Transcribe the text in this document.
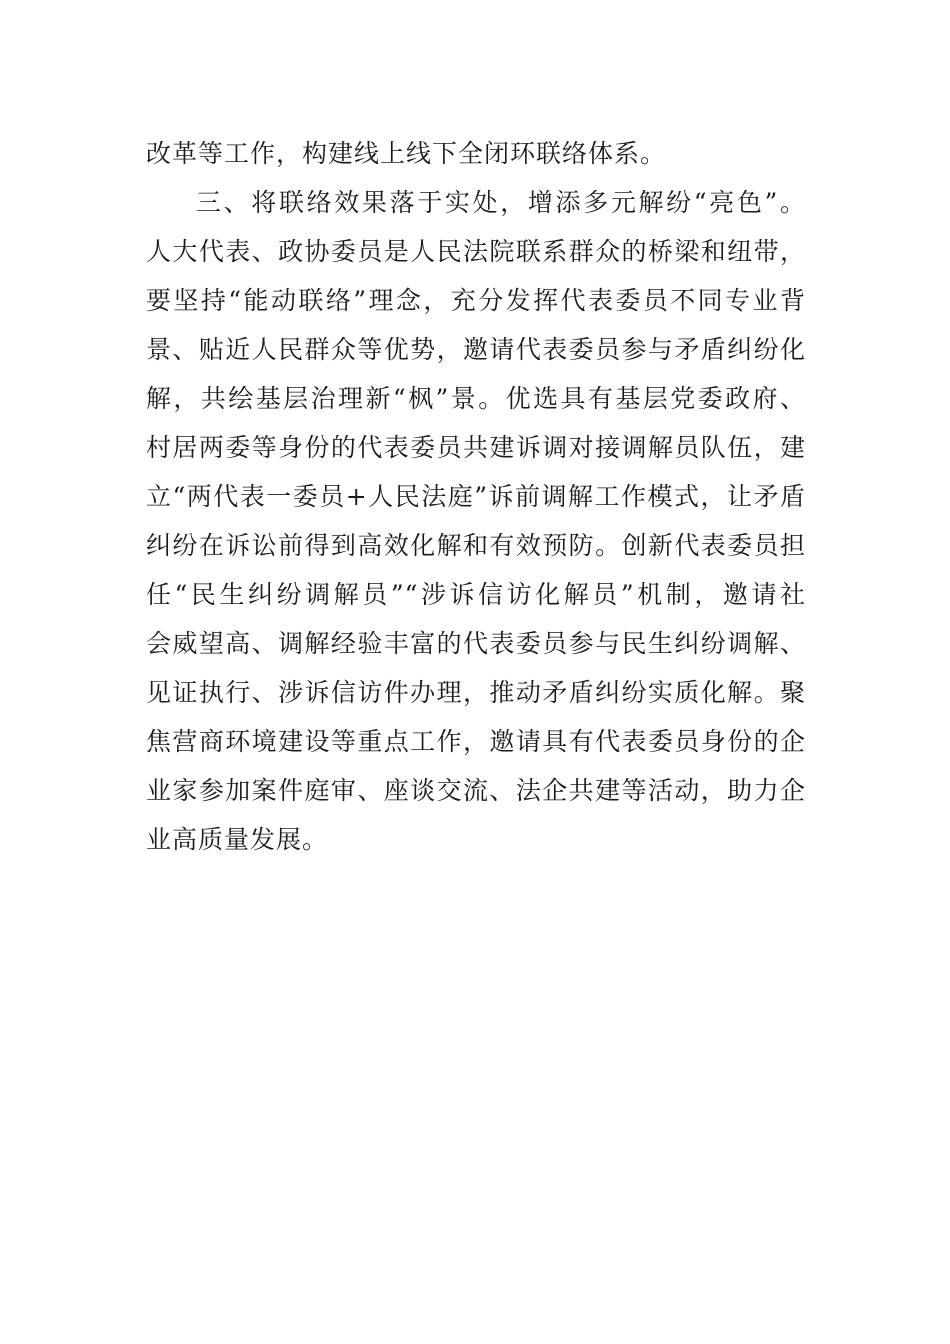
改革等工作，构建线上线下全闭环联络体系。
三、将联络效果落于实处，增添多元解纷“亮色”。
人大代表、政协委员是人民法院联系群众的桥梁和纽带，
要坚持“能动联络”理念，充分发挥代表委员不同专业背
景、贴近人民群众等优势，邀请代表委员参与矛盾纠纷化
解，共绘基层治理新“枫”景。优选具有基层党委政府、
村居两委等身份的代表委员共建诉调对接调解员队伍，建
立“两代表一委员+人民法庭”诉前调解工作模式，让矛盾
纠纷在诉讼前得到高效化解和有效预防。创新代表委员担
任“民生纠纷调解员”“涉诉信访化解员”机制，邀请社
会威望高、调解经验丰富的代表委员参与民生纠纷调解、
见证执行、涉诉信访件办理，推动矛盾纠纷实质化解。聚
焦营商环境建设等重点工作，邀请具有代表委员身份的企
业家参加案件庭审、座谈交流、法企共建等活动，助力企
业高质量发展。
